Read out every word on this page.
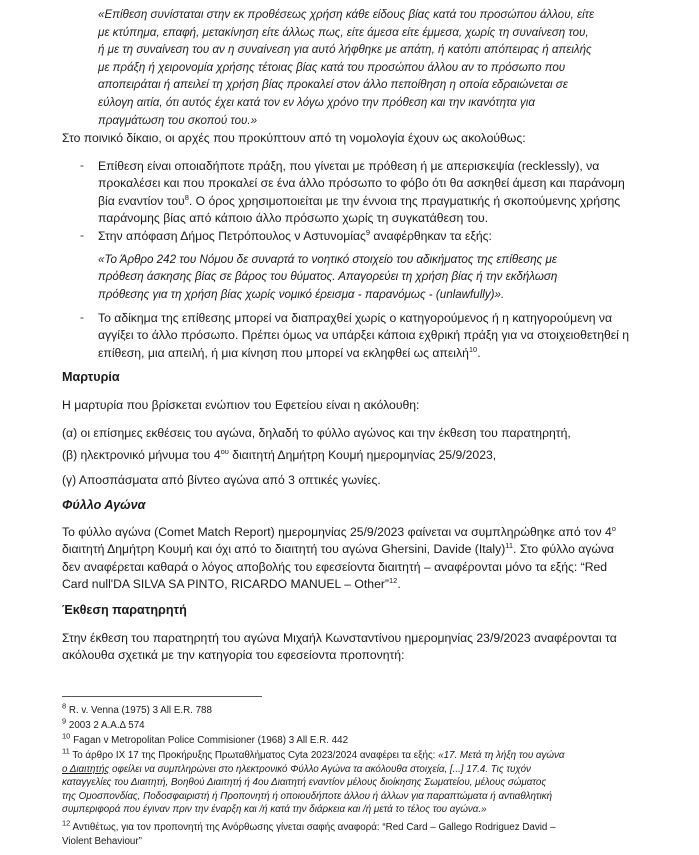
«Επίθεση συνίσταται στην εκ προθέσεως χρήση κάθε είδους βίας κατά του προσώπου άλλου, είτε
με κτύπημα, επαφή, μετακίνηση είτε άλλως πως, είτε άμεσα είτε έμμεσα, χωρίς τη συναίνεση του,
ή με τη συναίνεση του αν η συναίνεση για αυτό λήφθηκε με απάτη, ή κατόπι απόπειρας ή απειλής
με πράξη ή χειρονομία χρήσης τέτοιας βίας κατά του προσώπου άλλου αν το πρόσωπο που
αποπειράται ή απειλεί τη χρήση βίας προκαλεί στον άλλο πεποίθηση η οποία εδραιώνεται σε
εύλογη αιτία, ότι αυτός έχει κατά τον εν λόγω χρόνο την πρόθεση και την ικανότητα για
πραγμάτωση του σκοπού του.»
Στο ποινικό δίκαιο, οι αρχές που προκύπτουν από τη νομολογία έχουν ως ακολούθως:
- Επίθεση είναι οποιαδήποτε πράξη, που γίνεται με πρόθεση ή με απερισκεψία (recklessly), να
προκαλέσει και που προκαλεί σε ένα άλλο πρόσωπο το φόβο ότι θα ασκηθεί άμεση και παράνομη
βία εναντίον του$^8$. Ο όρος χρησιμοποιείται με την έννοια της πραγματικής ή σκοπούμενης χρήσης
παράνομης βίας από κάποιο άλλο πρόσωπο χωρίς τη συγκατάθεση του.
- Στην απόφαση Δήμος Πετρόπουλος ν Αστυνομίας$^9$ αναφέρθηκαν τα εξής:
«Το Άρθρο 242 του Νόμου δε συναρτά το νοητικό στοιχείο του αδικήματος της επίθεσης με
πρόθεση άσκησης βίας σε βάρος του θύματος. Απαγορεύει τη χρήση βίας ή την εκδήλωση
πρόθεσης για τη χρήση βίας χωρίς νομικό έρεισμα - παρανόμως - (unlawfully)».
- Το αδίκημα της επίθεσης μπορεί να διαπραχθεί χωρίς ο κατηγορούμενος ή η κατηγορούμενη να
αγγίξει το άλλο πρόσωπο. Πρέπει όμως να υπάρξει κάποια εχθρική πράξη για να στοιχειοθετηθεί η
επίθεση, μια απειλή, ή μια κίνηση που μπορεί να εκληφθεί ως απειλή$^{10}$.
Μαρτυρία
Η μαρτυρία που βρίσκεται ενώπιον του Εφετείου είναι η ακόλουθη:
(α) οι επίσημες εκθέσεις του αγώνα, δηλαδή το φύλλο αγώνος και την έκθεση του παρατηρητή,
(β) ηλεκτρονικό μήνυμα του $4^{o\upsilon}$ διαιτητή Δημήτρη Κουμή ημερομηνίας 25/9/2023,
(γ) Αποσπάσματα από βίντεο αγώνα από 3 οπτικές γωνίες.
Φύλλο Αγώνα
Το φύλλο αγώνα (Comet Match Report) ημερομηνίας 25/9/2023 φαίνεται να συμπληρώθηκε από τον $4^o$
διαιτητή Δημήτρη Κουμή και όχι από το διαιτητή του αγώνα Ghersini, Davide (Italy)$^{11}$. Στο φύλλο αγώνα
δεν αναφέρεται καθαρά ο λόγος αποβολής του εφεσείοντα διαιτητή – αναφέρονται μόνο τα εξής: “Red
Card null'DA SILVA SA PINTO, RICARDO MANUEL – Other”$^{12}$.
Έκθεση παρατηρητή
Στην έκθεση του παρατηρητή του αγώνα Μιχαήλ Κωνσταντίνου ημερομηνίας 23/9/2023 αναφέρονται τα
ακόλουθα σχετικά με την κατηγορία του εφεσείοντα προπονητή:
$^8$ R. v. Venna (1975) 3 All E.R. 788
$^9$ 2003 2 Α.Α.Δ 574
$^{10}$ Fagan v Metropolitan Police Commisioner (1968) 3 All E.R. 442
$^{11}$ Το άρθρο ΙΧ 17 της Προκήρυξης Πρωταθλήματος Cyta 2023/2024 αναφέρει τα εξής: «17. Μετά τη λήξη του αγώνα
ο Διαιτητής οφείλει να συμπληρώνει στο ηλεκτρονικό Φύλλο Αγώνα τα ακόλουθα στοιχεία, [...] 17.4. Τις τυχόν
καταγγελίες του Διαιτητή, Βοηθού Διαιτητή ή 4ου Διαιτητή εναντίον μέλους διοίκησης Σωματείου, μέλους σώματος
της Ομοσπονδίας, Ποδοσφαιριστή ή Προπονητή ή οποιουδήποτε άλλου ή άλλων για παραπτώματα ή αντιαθλητική
συμπεριφορά που έγιναν πριν την έναρξη και /ή κατά την διάρκεια και /ή μετά το τέλος του αγώνα.»
$^{12}$ Αντιθέτως, για τον προπονητή της Ανόρθωσης γίνεται σαφής αναφορά: “Red Card – Gallego Rodriguez David –
Violent Behaviour”
